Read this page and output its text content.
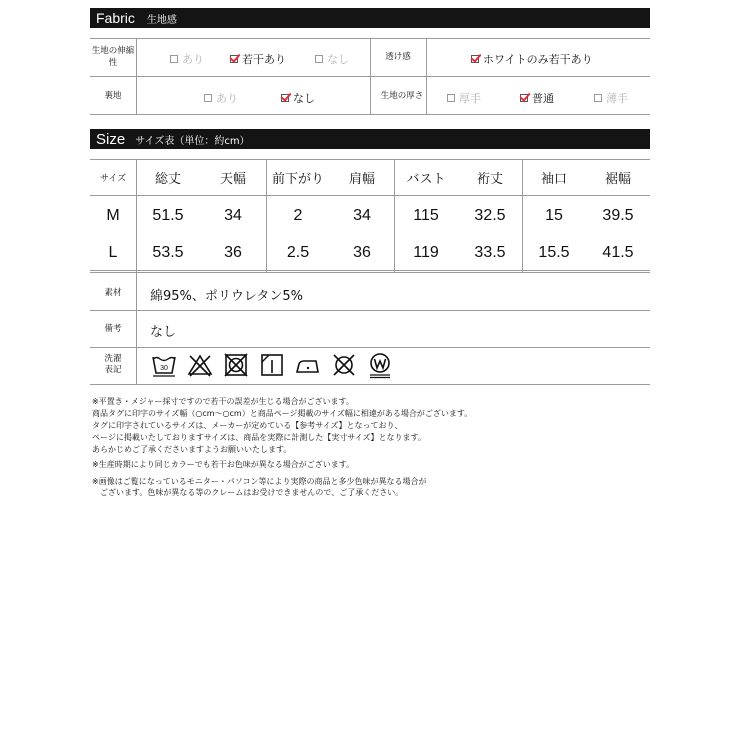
Fabric 生地感
生地の伸縮性	あり	若干あり	なし
裏地	あり	なし
透け感	ホワイトのみ若干あり
生地の厚さ	厚手	普通	薄手
Size サイズ表（単位：約cm）
サイズ	総丈	天幅	前下がり	肩幅	バスト	裄丈	袖口	裾幅
M	51.5	34	2	34	115	32.5	15	39.5
L	53.5	36	2.5	36	119	33.5	15.5	41.5
素材	綿95%、ポリウレタン5%
備考	なし
洗濯表記	30
※平置き・メジャー採寸ですので若干の誤差が生じる場合がございます。
商品タグに印字のサイズ幅（○cm～○cm）と商品ページ掲載のサイズ幅に相違がある場合がございます。
タグに印字されているサイズは、メーカーが定めている【参考サイズ】となっており、
ページに掲載いたしておりますサイズは、商品を実際に計測した【実寸サイズ】となります。
あらかじめご了承くださいますようお願いいたします。
※生産時期により同じカラーでも若干お色味が異なる場合がございます。
※画像はご覧になっているモニター・パソコン等により実際の商品と多少色味が異なる場合が
　ございます。色味が異なる等のクレームはお受けできませんので、ご了承ください。
